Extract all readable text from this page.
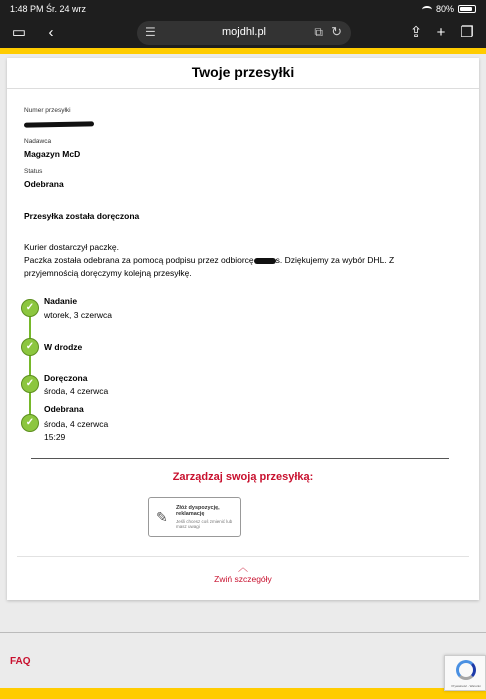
1:48 PM Śr. 24 wrz	80%
▭	‹	☰	mojdhl.pl	⧉ ↻	⇪ + ❐
Twoje przesyłki
Numer przesyłki
Nadawca
Magazyn McD
Status
Odebrana
Przesyłka została doręczona
Kurier dostarczył paczkę.
Paczka została odebrana za pomocą podpisu przez odbiorcę	s. Dziękujemy za wybór DHL. Z
przyjemnością doręczymy kolejną przesyłkę.
✓
Nadanie
wtorek, 3 czerwca
✓	W drodze
✓	Doręczona
środa, 4 czerwca
✓
Odebrana
środa, 4 czerwca
15:29
Zarządzaj swoją przesyłką:
✎
Złóż dyspozycję, reklamację
Jeśli chcesz coś zmienić lub masz uwagi
︿
Zwiń szczegóły
FAQ
Prywatność - Warunki
